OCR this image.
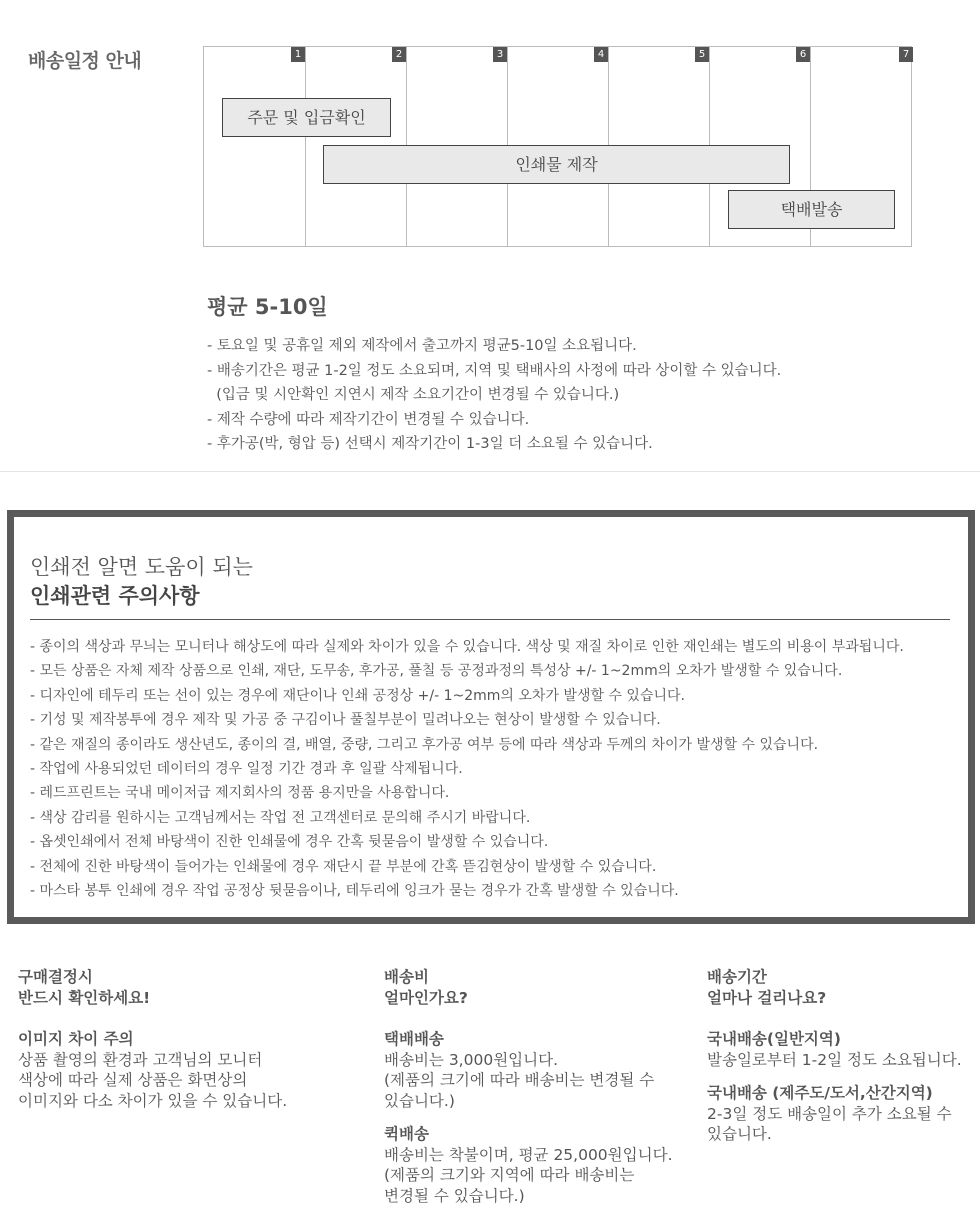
배송일정 안내	1	2	3	4	5	6	7
주문 및 입금확인
인쇄물 제작
택배발송
평균 5-10일
- 토요일 및 공휴일 제외 제작에서 출고까지 평균5-10일 소요됩니다.
- 배송기간은 평균 1-2일 정도 소요되며, 지역 및 택배사의 사정에 따라 상이할 수 있습니다.
(입금 및 시안확인 지연시 제작 소요기간이 변경될 수 있습니다.)
- 제작 수량에 따라 제작기간이 변경될 수 있습니다.
- 후가공(박, 형압 등) 선택시 제작기간이 1-3일 더 소요될 수 있습니다.
인쇄전 알면 도움이 되는
인쇄관련 주의사항
- 종이의 색상과 무늬는 모니터나 해상도에 따라 실제와 차이가 있을 수 있습니다. 색상 및 재질 차이로 인한 재인쇄는 별도의 비용이 부과됩니다.
- 모든 상품은 자체 제작 상품으로 인쇄, 재단, 도무송, 후가공, 풀칠 등 공정과정의 특성상 +/- 1~2mm의 오차가 발생할 수 있습니다.
- 디자인에 테두리 또는 선이 있는 경우에 재단이나 인쇄 공정상 +/- 1~2mm의 오차가 발생할 수 있습니다.
- 기성 및 제작봉투에 경우 제작 및 가공 중 구김이나 풀칠부분이 밀려나오는 현상이 발생할 수 있습니다.
- 같은 재질의 종이라도 생산년도, 종이의 결, 배열, 중량, 그리고 후가공 여부 등에 따라 색상과 두께의 차이가 발생할 수 있습니다.
- 작업에 사용되었던 데이터의 경우 일정 기간 경과 후 일괄 삭제됩니다.
- 레드프린트는 국내 메이저급 제지회사의 정품 용지만을 사용합니다.
- 색상 감리를 원하시는 고객님께서는 작업 전 고객센터로 문의해 주시기 바랍니다.
- 옵셋인쇄에서 전체 바탕색이 진한 인쇄물에 경우 간혹 뒷묻음이 발생할 수 있습니다.
- 전체에 진한 바탕색이 들어가는 인쇄물에 경우 재단시 끝 부분에 간혹 뜯김현상이 발생할 수 있습니다.
- 마스타 봉투 인쇄에 경우 작업 공정상 뒷묻음이나, 테두리에 잉크가 묻는 경우가 간혹 발생할 수 있습니다.
구매결정시
반드시 확인하세요!
이미지 차이 주의
상품 촬영의 환경과 고객님의 모니터
색상에 따라 실제 상품은 화면상의
이미지와 다소 차이가 있을 수 있습니다.
배송비
얼마인가요?
택배배송
배송비는 3,000원입니다.
(제품의 크기에 따라 배송비는 변경될 수
있습니다.)
퀵배송
배송비는 착불이며, 평균 25,000원입니다.
(제품의 크기와 지역에 따라 배송비는
변경될 수 있습니다.)
배송기간
얼마나 걸리나요?
국내배송(일반지역)
발송일로부터 1-2일 정도 소요됩니다.
국내배송 (제주도/도서,산간지역)
2-3일 정도 배송일이 추가 소요될 수
있습니다.
